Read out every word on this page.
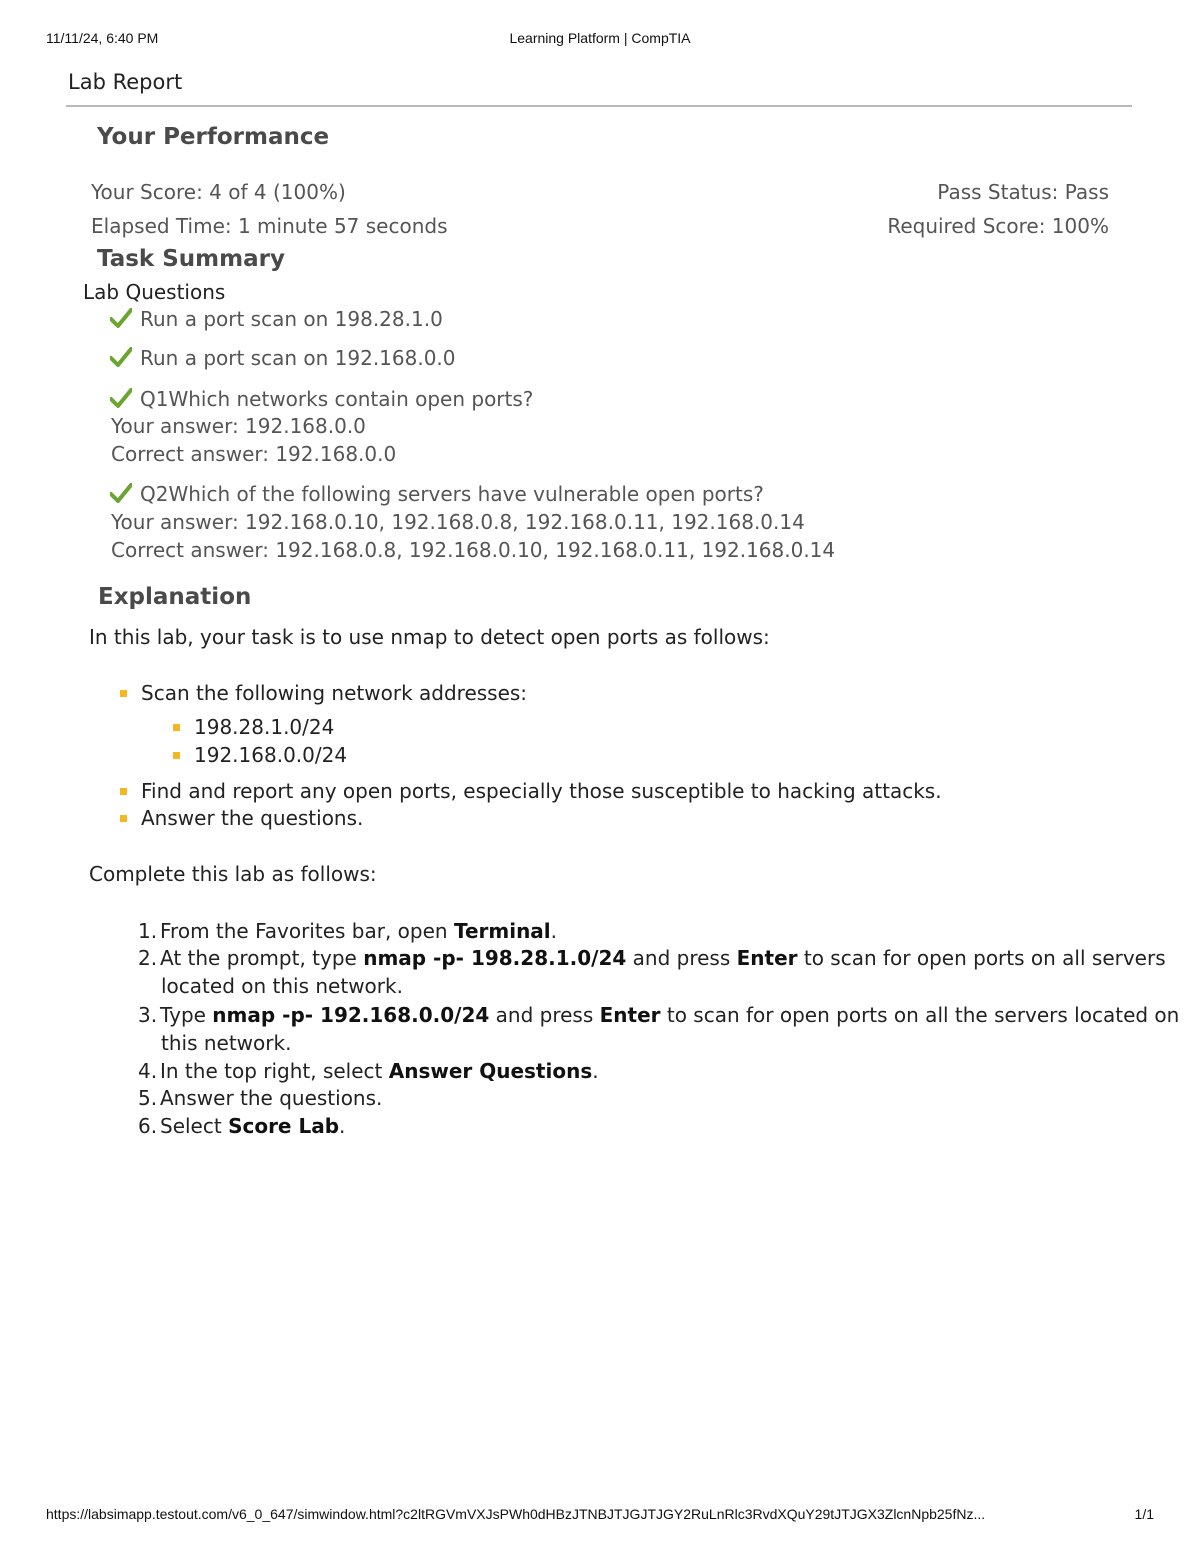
11/11/24, 6:40 PM	Learning Platform | CompTIA
Lab Report
Your Performance
Your Score: 4 of 4 (100%)	Pass Status: Pass
Elapsed Time: 1 minute 57 seconds	Required Score: 100%
Task Summary
Lab Questions
Run a port scan on 198.28.1.0
Run a port scan on 192.168.0.0
Q1Which networks contain open ports?
Your answer: 192.168.0.0
Correct answer: 192.168.0.0
Q2Which of the following servers have vulnerable open ports?
Your answer: 192.168.0.10, 192.168.0.8, 192.168.0.11, 192.168.0.14
Correct answer: 192.168.0.8, 192.168.0.10, 192.168.0.11, 192.168.0.14
Explanation
In this lab, your task is to use nmap to detect open ports as follows:
Scan the following network addresses:
198.28.1.0/24
192.168.0.0/24
Find and report any open ports, especially those susceptible to hacking attacks.
Answer the questions.
Complete this lab as follows:
1. From the Favorites bar, open Terminal.
2. At the prompt, type nmap -p- 198.28.1.0/24 and press Enter to scan for open ports on all servers
located on this network.
3. Type nmap -p- 192.168.0.0/24 and press Enter to scan for open ports on all the servers located on
this network.
4. In the top right, select Answer Questions.
5. Answer the questions.
6. Select Score Lab.
https://labsimapp.testout.com/v6_0_647/simwindow.html?c2ltRGVmVXJsPWh0dHBzJTNBJTJGJTJGY2RuLnRlc3RvdXQuY29tJTJGX3ZlcnNpb25fNz...	1/1
